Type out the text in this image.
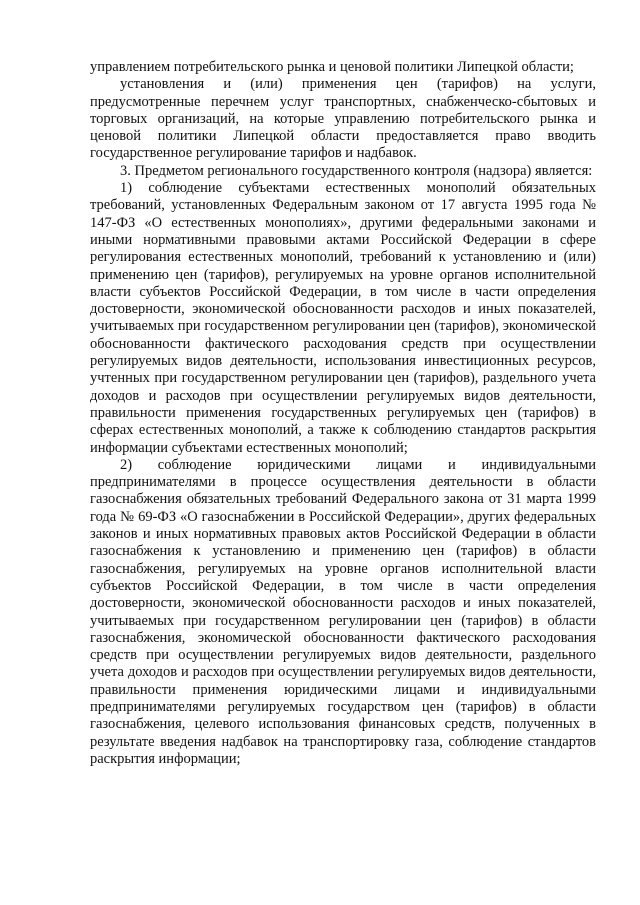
управлением потребительского рынка и ценовой политики Липецкой области;

установления и (или) применения цен (тарифов) на услуги, предусмотренные перечнем услуг транспортных, снабженческо-сбытовых и торговых организаций, на которые управлению потребительского рынка и ценовой политики Липецкой области предоставляется право вводить государственное регулирование тарифов и надбавок.

3. Предметом регионального государственного контроля (надзора) является:

1) соблюдение субъектами естественных монополий обязательных требований, установленных Федеральным законом от 17 августа 1995 года № 147-ФЗ «О естественных монополиях», другими федеральными законами и иными нормативными правовыми актами Российской Федерации в сфере регулирования естественных монополий, требований к установлению и (или) применению цен (тарифов), регулируемых на уровне органов исполнительной власти субъектов Российской Федерации, в том числе в части определения достоверности, экономической обоснованности расходов и иных показателей, учитываемых при государственном регулировании цен (тарифов), экономической обоснованности фактического расходования средств при осуществлении регулируемых видов деятельности, использования инвестиционных ресурсов, учтенных при государственном регулировании цен (тарифов), раздельного учета доходов и расходов при осуществлении регулируемых видов деятельности, правильности применения государственных регулируемых цен (тарифов) в сферах естественных монополий, а также к соблюдению стандартов раскрытия информации субъектами естественных монополий;

2) соблюдение юридическими лицами и индивидуальными предпринимателями в процессе осуществления деятельности в области газоснабжения обязательных требований Федерального закона от 31 марта 1999 года № 69-ФЗ «О газоснабжении в Российской Федерации», других федеральных законов и иных нормативных правовых актов Российской Федерации в области газоснабжения к установлению и применению цен (тарифов) в области газоснабжения, регулируемых на уровне органов исполнительной власти субъектов Российской Федерации, в том числе в части определения достоверности, экономической обоснованности расходов и иных показателей, учитываемых при государственном регулировании цен (тарифов) в области газоснабжения, экономической обоснованности фактического расходования средств при осуществлении регулируемых видов деятельности, раздельного учета доходов и расходов при осуществлении регулируемых видов деятельности, правильности применения юридическими лицами и индивидуальными предпринимателями регулируемых государством цен (тарифов) в области газоснабжения, целевого использования финансовых средств, полученных в результате введения надбавок на транспортировку газа, соблюдение стандартов раскрытия информации;
